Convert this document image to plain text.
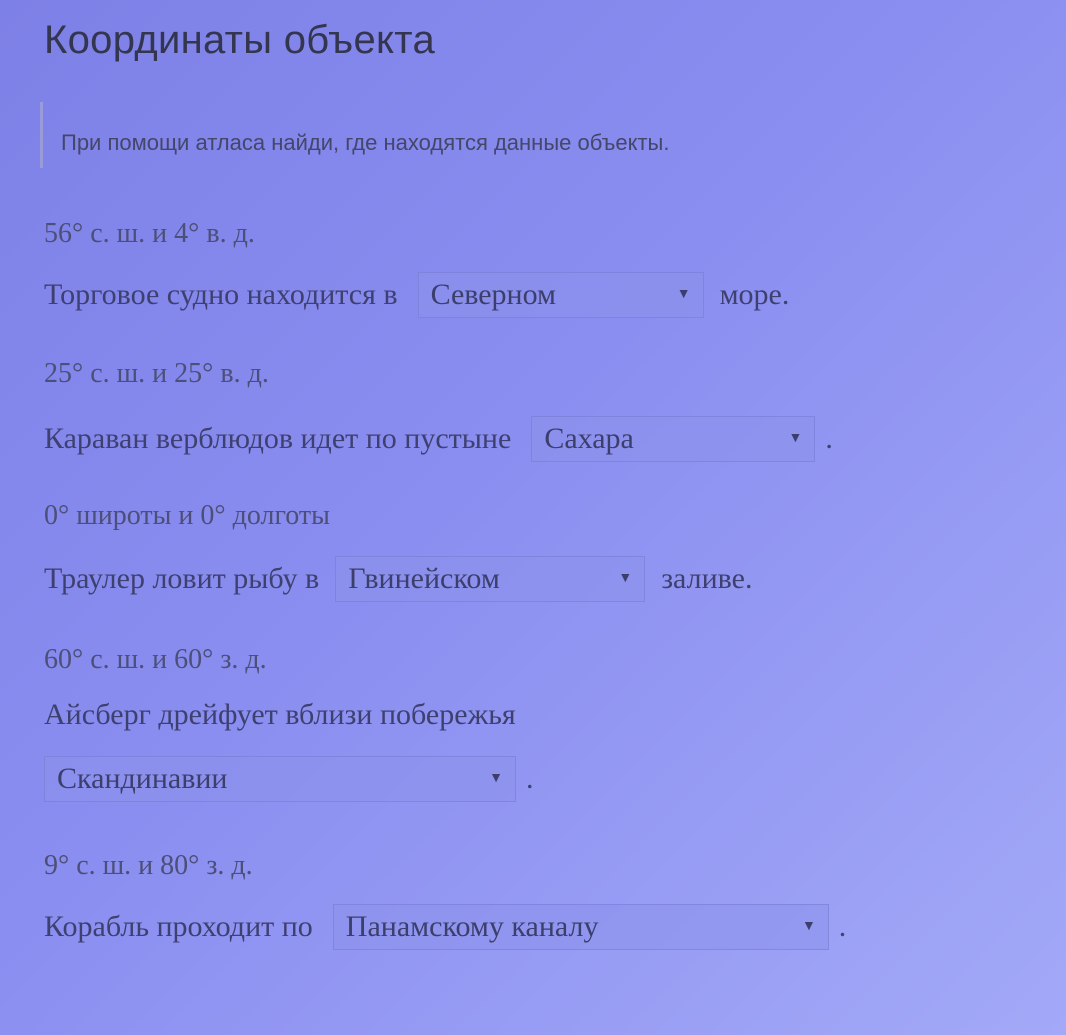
Координаты объекта
При помощи атласа найди, где находятся данные объекты.
56° с. ш. и 4° в. д.
Торговое судно находится в Северном	▼ море.
25° с. ш. и 25° в. д.
Караван верблюдов идет по пустыне Сахара	▼ .
0° широты и 0° долготы
Траулер ловит рыбу в Гвинейском	▼ заливе.
60° с. ш. и 60° з. д.
Айсберг дрейфует вблизи побережья
Скандинавии	▼ .
9° с. ш. и 80° з. д.
Корабль проходит по Панамскому каналу	▼ .
